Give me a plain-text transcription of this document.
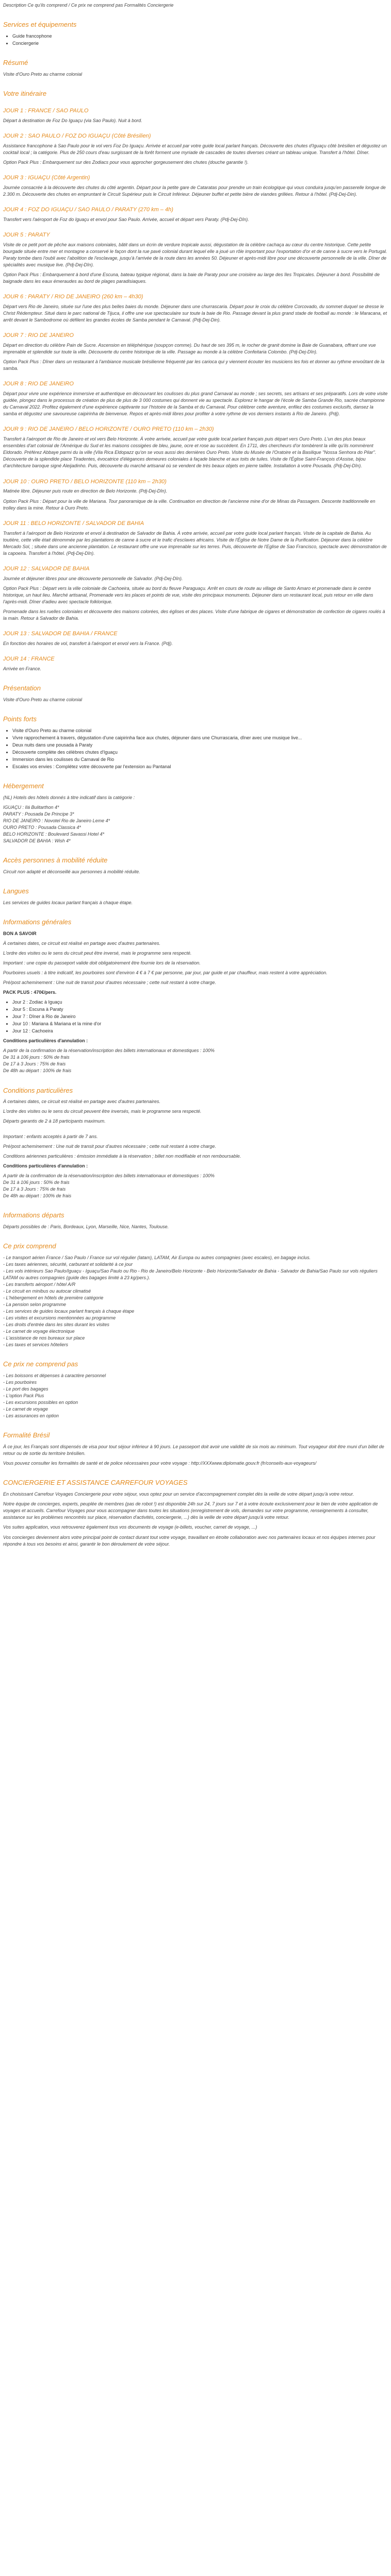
Description Ce qu'ils comprend / Ce prix ne comprend pas Formalités Conciergerie

Services et équipements
• Guide francophone
• Conciergerie
Résumé

Visite d'Ouro Preto au charme colonial

Votre itinéraire
JOUR 1 : FRANCE / SAO PAULO

Départ à destination de Foz Do Iguaçu (via Sao Paulo). Nuit à bord.

JOUR 2 : SAO PAULO / FOZ DO IGUAÇU (Côté Brésilien)

Assistance francophone à Sao Paulo pour le vol vers Foz Do Iguaçu. Arrivée et accueil par votre guide local parlant français. Découverte des chutes d'Iguaçu côté brésilien et dégustez un cocktail local ; la catégorie. Plus de 250 cours d'eau surgissant de la forêt forment une myriade de cascades de toutes diverses créant un tableau unique. Transfert à l'hôtel. Dîner.

Option Pack Plus : Embarquement sur des Zodiacs pour vous approcher gorgeusement des chutes (douche garantie !).

JOUR 3 : IGUAÇU (Côté Argentin)

Journée consacrée à la découverte des chutes du côté argentin. Départ pour la petite gare de Cataratas pour prendre un train écologique qui vous conduira jusqu'en passerelle longue de 2.300 m. Découverte des chutes en empruntant le Circuit Supérieur puis le Circuit Inférieur. Déjeuner buffet et petite bière de viandes grillées. Retour à l'hôtel. (Pdj-Dej-Din).

JOUR 4 : FOZ DO IGUAÇU / SAO PAULO / PARATY (270 km – 4h)

Transfert vers l'aéroport de Foz do Iguaçu et envol pour Sao Paulo. Arrivée, accueil et départ vers Paraty. (Pdj-Dej-Dîn).

JOUR 5 : PARATY

Visite de ce petit port de pêche aux maisons coloniales, bâtit dans un écrin de verdure tropicale aussi, dégustation de la célèbre cachaça au cœur du centre historique. Cette petite bourgade située entre mer et montagne a conservé le façon dont la rue pavé colonial durant lequel elle a joué un rôle important pour l'exportation d'or et de canne à sucre vers le Portugal. Paraty tombe dans l'oubli avec l'abolition de l'esclavage, jusqu'à l'arrivée de la route dans les années 50. Déjeuner et après-midi libre pour une découverte personnelle de la ville. Dîner de spécialités avec musique live. (Pdj-Dej-Dîn).

Option Pack Plus : Embarquement à bord d'une Escuna, bateau typique régional, dans la baie de Paraty pour une croisière au large des îles Tropicales. Déjeuner à bord. Possibilité de baignade dans les eaux émeraudes au bord de plages paradisiaques.

JOUR 6 : PARATY / RIO DE JANEIRO (260 km – 4h30)

Départ vers Rio de Janeiro, située sur l'une des plus belles baies du monde. Déjeuner dans une churrascaria. Départ pour le croix du célèbre Corcovado, du sommet duquel se dresse le Christ Rédempteur. Situé dans le parc national de Tijuca, il offre une vue spectaculaire sur toute la baie de Rio. Passage devant la plus grand stade de football au monde : le Maracana, et arrêt devant le Sambodrome où défilent les grandes écoles de Samba pendant le Carnaval. (Pdj-Dej-Din).

JOUR 7 : RIO DE JANEIRO

Départ en direction du célèbre Pain de Sucre. Ascension en téléphérique (soupçon comme). Du haut de ses 395 m, le rocher de granit domine la Baie de Guanabara, offrant une vue imprenable et splendide sur toute la ville. Découverte du centre historique de la ville. Passage au monde à la célèbre Confeitaria Colombo. (Pdj-Dej-Dîn).

Option Pack Plus : Dîner dans un restaurant à l'ambiance musicale brésilienne fréquenté par les carioca qui y viennent écouter les musiciens les fois et donner au rythme envoûtant de la samba.

JOUR 8 : RIO DE JANEIRO

Départ pour vivre une expérience immersive et authentique en découvrant les coulisses du plus grand Carnaval au monde ; ses secrets, ses artisans et ses préparatifs. Lors de votre visite guidée, plongez dans le processus de création de plus de plus de 3 000 costumes qui donnent vie au spectacle. Explorez le hangar de l'école de Samba Grande Rio, sacrée championne du Carnaval 2022. Profitez également d'une expérience captivante sur l'histoire de la Samba et du Carnaval. Pour célébrer cette aventure, enfilez des costumes exclusifs, dansez la samba et dégustez une savoureuse caipirinha de bienvenue. Repos et après-midi libres pour profiter à votre rythme de vos derniers instants à Rio de Janeiro. (Pdj).

JOUR 9 : RIO DE JANEIRO / BELO HORIZONTE / OURO PRETO (110 km – 2h30)

Transfert à l'aéroport de Rio de Janeiro et vol vers Belo Horizonte. À votre arrivée, accueil par votre guide local parlant français puis départ vers Ouro Preto. L'un des plus beaux ensembles d'art colonial de l'Amérique du Sud et les maisons cossigées de bleu, jaune, ocre et rose au succédent. En 1711, des chercheurs d'or tombèrent la ville qu'ils nommèrent Eldorado. Préférez Abbaye parmi du la ville (Vila Rica Eldopazz qu'on se vous aussi des dernières Ouro Preto. Visite du Musée de l'Oratoire et la Basilique "Nossa Senhora do Pilar". Découverte de la splendide place Tiradentes, évocatrice d'élégances demeures coloniales à façade blanche et aux toits de tuiles. Visite de l'Église Saint-François d'Assise, bijou d'architecture baroque signé Aleijadinho. Puis, découverte du marché artisanal où se vendent de très beaux objets en pierre taillée. Installation à votre Pousada. (Pdj-Dej-Dîn).

JOUR 10 : OURO PRETO / BELO HORIZONTE (110 km – 2h30)

Matinée libre. Déjeuner puis route en direction de Belo Horizonte. (Pdj-Dej-Dîn).

Option Pack Plus : Départ pour la ville de Mariana. Tour panoramique de la ville. Continuation en direction de l'ancienne mine d'or de Minas da Passagem. Descente traditionnelle en trolley dans la mine. Retour à Ouro Preto.

JOUR 11 : BELO HORIZONTE / SALVADOR DE BAHIA

Transfert à l'aéroport de Belo Horizonte et envol à destination de Salvador de Bahia. À votre arrivée, accueil par votre guide local parlant français. Visite de la capitale de Bahia. Au toutière, cette ville était dénommée par les plantations de canne à sucre et le trafic d'esclaves africains. Visite de l'Église de Notre Dame de la Purification. Déjeuner dans la célèbre Mercado Sol, ; située dans une ancienne plantation. Le restaurant offre une vue imprenable sur les terres. Puis, découverte de l'Eglise de Sao Francisco, spectacle avec démonstration de la capoeira. Transfert à l'hôtel. (Pdj-Dej-Dîn).

JOUR 12 : SALVADOR DE BAHIA

Journée et déjeuner libres pour une découverte personnelle de Salvador. (Pdj-Dej-Dîn).

Option Pack Plus : Départ vers la ville coloniale de Cachoeira, située au bord du fleuve Paraguaçu. Arrêt en cours de route au village de Santo Amaro et promenade dans le centre historique, un haut lieu. Marché artisanal, Promenade vers les places et points de vue, visite des principaux monuments. Déjeuner dans un restaurant local, puis retour en ville dans l'après-midi. Dîner d'adieu avec spectacle folklorique.

Promenade dans les ruelles coloniales et découverte des maisons colorées, des églises et des places. Visite d'une fabrique de cigares et démonstration de confection de cigares roulés à la main. Retour à Salvador de Bahia.

JOUR 13 : SALVADOR DE BAHIA / FRANCE

En fonction des horaires de vol, transfert à l'aéroport et envol vers la France. (Pdj).

JOUR 14 : FRANCE

Arrivée en France.

Présentation

Visite d'Ouro Preto au charme colonial

Points forts
• Visite d'Ouro Preto au charme colonial
• Vivre rapprochement à travers, dégustation d'une caipirinha face aux chutes, déjeuner dans une Churrascaria, dîner avec une musique live...
• Deux nuits dans une pousada à Paraty
• Découverte complète des célèbres chutes d'Iguaçu
• Immersion dans les coulisses du Carnaval de Rio
• Escales vos envies : Complétez votre découverte par l'extension au Pantanal
Hébergement

(NL) Hotels des hôtels donnés à titre indicatif dans la catégorie :

IGUAÇU : Ilá Bulitarthon 4*

PARATY : Pousada De Principe 3*

RIO DE JANEIRO : Novotel Rio de Janeiro Leme 4*

OURO PRETO : Pousada Classica 4*

BELO HORIZONTE : Boulevard Savassi Hotel 4*

SALVADOR DE BAHIA : Wish 4*

Accès personnes à mobilité réduite

Circuit non adapté et déconseillé aux personnes à mobilité réduite.

Langues

Les services de guides locaux parlant français à chaque étape.

Informations générales

BON A SAVOIR

À certaines dates, ce circuit est réalisé en partage avec d'autres partenaires.

L'ordre des visites ou le sens du circuit peut être inversé, mais le programme sera respecté.

Important : une copie du passeport valide doit obligatoirement être fournie lors de la réservation.

Pourboires usuels : à titre indicatif, les pourboires sont d'environ 4 € à 7 € par personne, par jour, par guide et par chauffeur, mais restent à votre appréciation.

Pré/post acheminement : Une nuit de transit pour d'autres nécessaire ; cette nuit restant à votre charge.

PACK PLUS : 470€/pers.

• Jour 2 : Zodiac à Iguaçu
• Jour 5 : Escuna à Paraty
• Jour 7 : Dîner à Rio de Janeiro
• Jour 10 : Mariana & Mariana et la mine d'or
• Jour 12 : Cachoeira

Conditions particulières d'annulation :

A partir de la confirmation de la réservation/inscription des billets internationaux et domestiques : 100%

De 31 à 106 jours : 50% de frais

De 17 à 3 Jours : 75% de frais

De 48h au départ : 100% de frais

Conditions particulières

À certaines dates, ce circuit est réalisé en partage avec d'autres partenaires.

L'ordre des visites ou le sens du circuit peuvent être inversés, mais le programme sera respecté.

Départs garantis de 2 à 18 participants maximum.

Important : enfants acceptés à partir de 7 ans.

Pré/post acheminement : Une nuit de transit pour d'autres nécessaire ; cette nuit restant à votre charge.

Conditions aériennes particulières : émission immédiate à la réservation ; billet non modifiable et non remboursable.

Conditions particulières d'annulation :

A partir de la confirmation de la réservation/inscription des billets internationaux et domestiques : 100%

De 31 à 106 jours : 50% de frais

De 17 à 3 Jours : 75% de frais

De 48h au départ : 100% de frais

Informations départs

Départs possibles de : Paris, Bordeaux, Lyon, Marseille, Nice, Nantes, Toulouse.

Ce prix comprend

- Le transport aérien France / Sao Paulo / France sur vol régulier (latam), LATAM, Air Europa ou autres compagnies (avec escales), en bagage inclus.

- Les taxes aériennes, sécurité, carburant et solidarité à ce jour

- Les vols intérieurs Sao Paulo/Iguaçu - Iguaçu/Sao Paulo ou Rio - Rio de Janeiro/Belo Horizonte - Belo Horizonte/Salvador de Bahia - Salvador de Bahia/Sao Paulo sur vols réguliers LATAM ou autres compagnies (guide des bagages limité à 23 kg/pers.).

- Les transferts aéroport / hôtel A/R

- Le circuit en minibus ou autocar climatisé

- L'hébergement en hôtels de première catégorie

- La pension selon programme

- Les services de guides locaux parlant français à chaque étape

- Les visites et excursions mentionnées au programme

- Les droits d'entrée dans les sites durant les visites

- Le carnet de voyage électronique

- L'assistance de nos bureaux sur place

- Les taxes et services hôteliers

Ce prix ne comprend pas

- Les boissons et dépenses à caractère personnel

- Les pourboires

- Le port des bagages

- L'option Pack Plus

- Les excursions possibles en option

- Le carnet de voyage

- Les assurances en option

Formalité Brésil

À ce jour, les Français sont dispensés de visa pour tout séjour inférieur à 90 jours. Le passeport doit avoir une validité de six mois au minimum. Tout voyageur doit être muni d'un billet de retour ou de sortie du territoire brésilien.

Vous pouvez consulter les formalités de santé et de police nécessaires pour votre voyage : http://XXXwww.diplomatie.gouv.fr (fr/conseils-aux-voyageurs/

CONCIERGERIE ET ASSISTANCE CARREFOUR VOYAGES

En choisissant Carrefour Voyages Conciergerie pour votre séjour, vous optez pour un service d'accompagnement complet dès la veille de votre départ jusqu'à votre retour.

Notre équipe de concierges, experts, peuplée de membres (pas de robot !) est disponible 24h sur 24, 7 jours sur 7 et à votre écoute exclusivement pour le bien de votre application de voyages et accueils. Carrefour Voyages pour vous accompagner dans toutes les situations (enregistrement de vols, demandes sur votre programme, renseignements à consulter, assistance sur les problèmes rencontrés sur place, réservation d'activités, conciergerie, ...) dès la veille de votre départ jusqu'à votre retour.

Vos suites application, vous retrouverez également tous vos documents de voyage (e-billets, voucher, carnet de voyage, ...)

Vos concierges deviennent alors votre principal point de contact durant tout votre voyage, travaillant en étroite collaboration avec nos partenaires locaux et nos équipes internes pour répondre à tous vos besoins et ainsi, garantir le bon déroulement de votre séjour.
